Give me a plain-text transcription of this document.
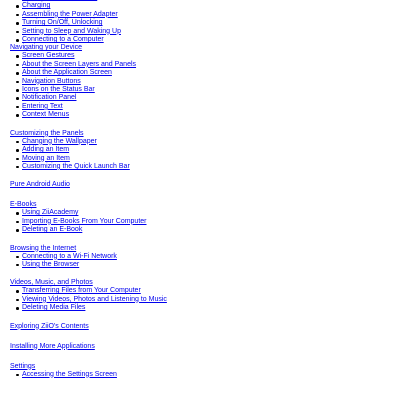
Charging
Assembling the Power Adapter
Turning On/Off, Unlocking
Setting to Sleep and Waking Up
Connecting to a Computer
Navigating your Device
Screen Gestures
About the Screen Layers and Panels
About the Application Screen
Navigation Buttons
Icons on the Status Bar
Notification Panel
Entering Text
Context Menus
Customizing the Panels
Changing the Wallpaper
Adding an Item
Moving an Item
Customizing the Quick Launch Bar
Pure Android Audio
E-Books
Using ZiiAcademy
Importing E-Books From Your Computer
Deleting an E-Book
Browsing the Internet
Connecting to a Wi-Fi Network
Using the Browser
Videos, Music, and Photos
Transferring Files from Your Computer
Viewing Videos, Photos and Listening to Music
Deleting Media Files
Exploring ZiiO's Contents
Installing More Applications
Settings
Accessing the Settings Screen
